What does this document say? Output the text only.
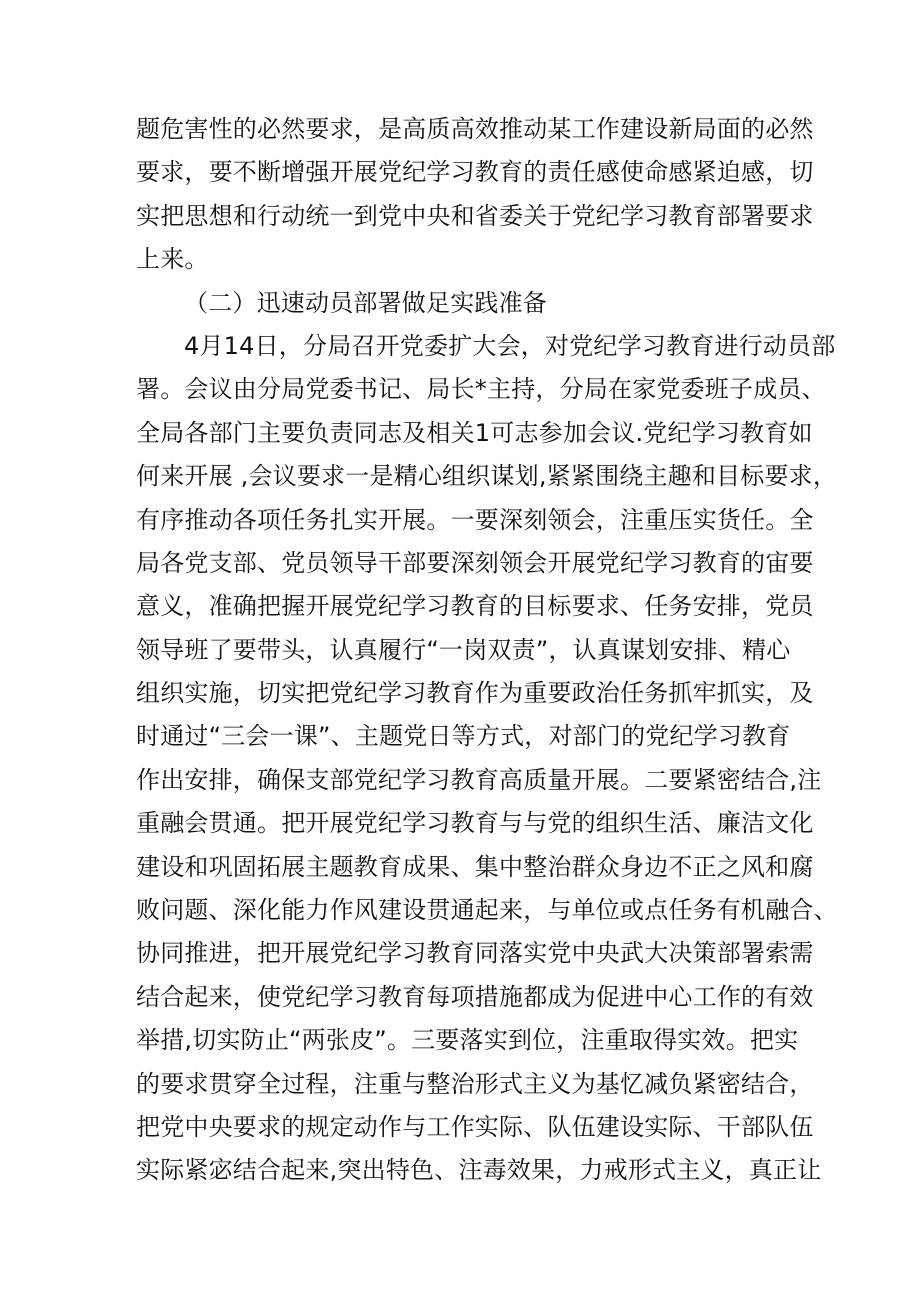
题危害性的必然要求，是高质高效推动某工作建设新局面的必然
要求，要不断增强开展党纪学习教育的责任感使命感紧迫感，切
实把思想和行动统一到党中央和省委关于党纪学习教育部署要求
上来。
（二）迅速动员部署做足实践准备
4月14日，分局召开党委扩大会，对党纪学习教育进行动员部
署。会议由分局党委书记、局长*主持，分局在家党委班子成员、
全局各部门主要负责同志及相关1可志参加会议.党纪学习教育如
何来开展 ,会议要求一是精心组织谋划,紧紧围绕主趣和目标要求，
有序推动各项任务扎实开展。一要深刻领会，注重压实货任。全
局各党支部、党员领导干部要深刻领会开展党纪学习教育的宙要
意义，准确把握开展党纪学习教育的目标要求、任务安排，党员
领导班了要带头，认真履行“一岗双责”，认真谋划安排、精心
组织实施，切实把党纪学习教育作为重要政治任务抓牢抓实，及
时通过“三会一课”、主题党日等方式，对部门的党纪学习教育
作出安排，确保支部党纪学习教育高质量开展。二要紧密结合,注
重融会贯通。把开展党纪学习教育与与党的组织生活、廉洁文化
建设和巩固拓展主题教育成果、集中整治群众身边不正之风和腐
败问题、深化能力作风建设贯通起来，与单位或点任务有机融合、
协同推进，把开展党纪学习教育同落实党中央武大决策部署索需
结合起来，使党纪学习教育每项措施都成为促进中心工作的有效
举措,切实防止“两张皮”。三要落实到位，注重取得实效。把实
的要求贯穿全过程，注重与整治形式主义为基忆减负紧密结合，
把党中央要求的规定动作与工作实际、队伍建设实际、干部队伍
实际紧宓结合起来,突出特色、注毒效果，力戒形式主义，真正让
